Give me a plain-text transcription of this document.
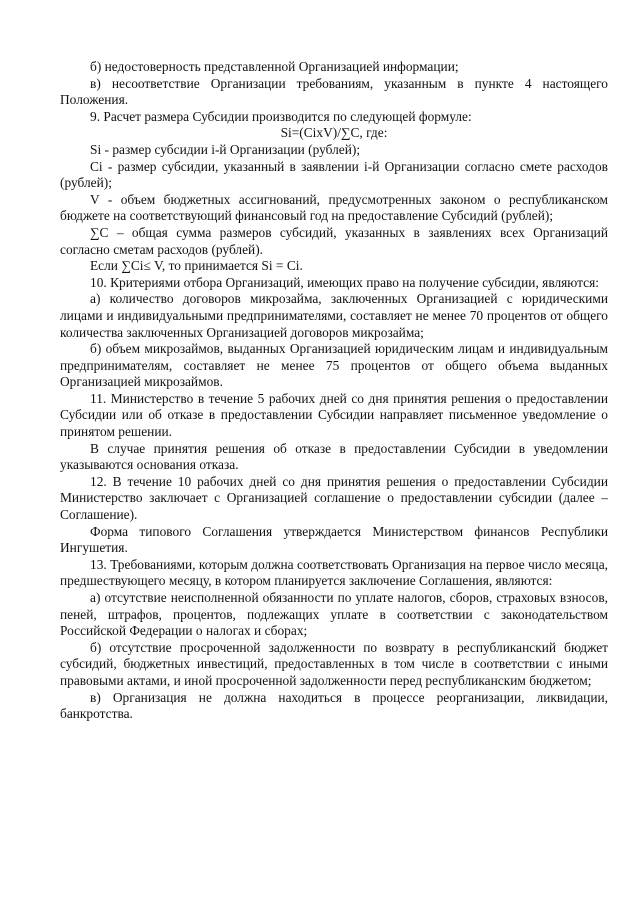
б) недостоверность представленной Организацией информации;

в) несоответствие Организации требованиям, указанным в пункте 4 настоящего Положения.

9. Расчет размера Субсидии производится по следующей формуле:

Si=(CixV)/∑C, где:

Si - размер субсидии i-й Организации (рублей);

Ci - размер субсидии, указанный в заявлении i-й Организации согласно смете расходов (рублей);

V - объем бюджетных ассигнований, предусмотренных законом о республиканском бюджете на соответствующий финансовый год на предоставление Субсидий (рублей);

∑C – общая сумма размеров субсидий, указанных в заявлениях всех Организаций согласно сметам расходов (рублей).

Если ∑Ci≤ V, то принимается Si = Ci.

10. Критериями отбора Организаций, имеющих право на получение субсидии, являются:

а) количество договоров микрозайма, заключенных Организацией с юридическими лицами и индивидуальными предпринимателями, составляет не менее 70 процентов от общего количества заключенных Организацией договоров микрозайма;

б) объем микрозаймов, выданных Организацией юридическим лицам и индивидуальным предпринимателям, составляет не менее 75 процентов от общего объема выданных Организацией микрозаймов.

11. Министерство в течение 5 рабочих дней со дня принятия решения о предоставлении Субсидии или об отказе в предоставлении Субсидии направляет письменное уведомление о принятом решении.

В случае принятия решения об отказе в предоставлении Субсидии в уведомлении указываются основания отказа.

12. В течение 10 рабочих дней со дня принятия решения о предоставлении Субсидии Министерство заключает с Организацией соглашение о предоставлении субсидии (далее – Соглашение).

Форма типового Соглашения утверждается Министерством финансов Республики Ингушетия.

13. Требованиями, которым должна соответствовать Организация на первое число месяца, предшествующего месяцу, в котором планируется заключение Соглашения, являются:

а) отсутствие неисполненной обязанности по уплате налогов, сборов, страховых взносов, пеней, штрафов, процентов, подлежащих уплате в соответствии с законодательством Российской Федерации о налогах и сборах;

б) отсутствие просроченной задолженности по возврату в республиканский бюджет субсидий, бюджетных инвестиций, предоставленных в том числе в соответствии с иными правовыми актами, и иной просроченной задолженности перед республиканским бюджетом;

в) Организация не должна находиться в процессе реорганизации, ликвидации, банкротства.
